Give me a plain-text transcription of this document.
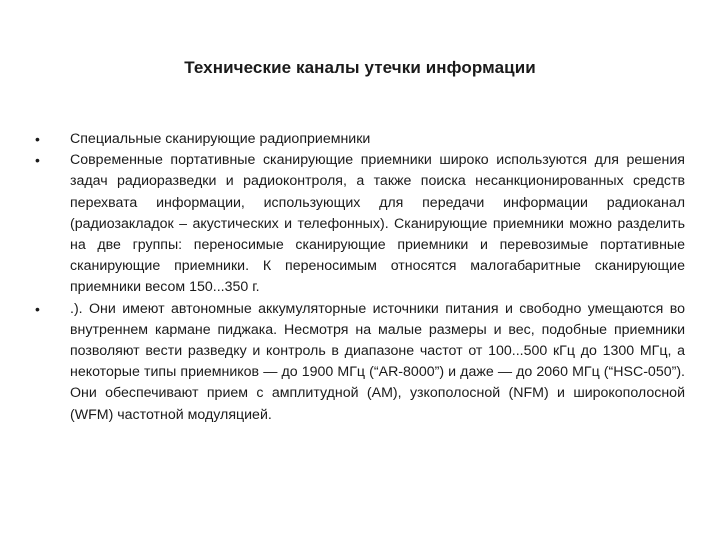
Технические каналы утечки информации
•	Специальные сканирующие радиоприемники
•	Современные портативные сканирующие приемники широко используются для решения задач радиоразведки и радиоконтроля, а также поиска несанкционированных средств перехвата информации, использующих для передачи информации радиоканал (радиозакладок – акустических и телефонных). Сканирующие приемники можно разделить на две группы: переносимые сканирующие приемники и перевозимые портативные сканирующие приемники. К переносимым относятся малогабаритные сканирующие приемники весом 150...350 г.
•	.). Они имеют автономные аккумуляторные источники питания и свободно умещаются во внутреннем кармане пиджака. Несмотря на малые размеры и вес, подобные приемники позволяют вести разведку и контроль в диапазоне частот от 100...500 кГц до 1300 МГц, а некоторые типы приемников — до 1900 МГц (“AR-8000”) и даже — до 2060 МГц (“HSC-050”). Они обеспечивают прием с амплитудной (AM), узкополосной (NFM) и широкополосной (WFM) частотной модуляцией.
